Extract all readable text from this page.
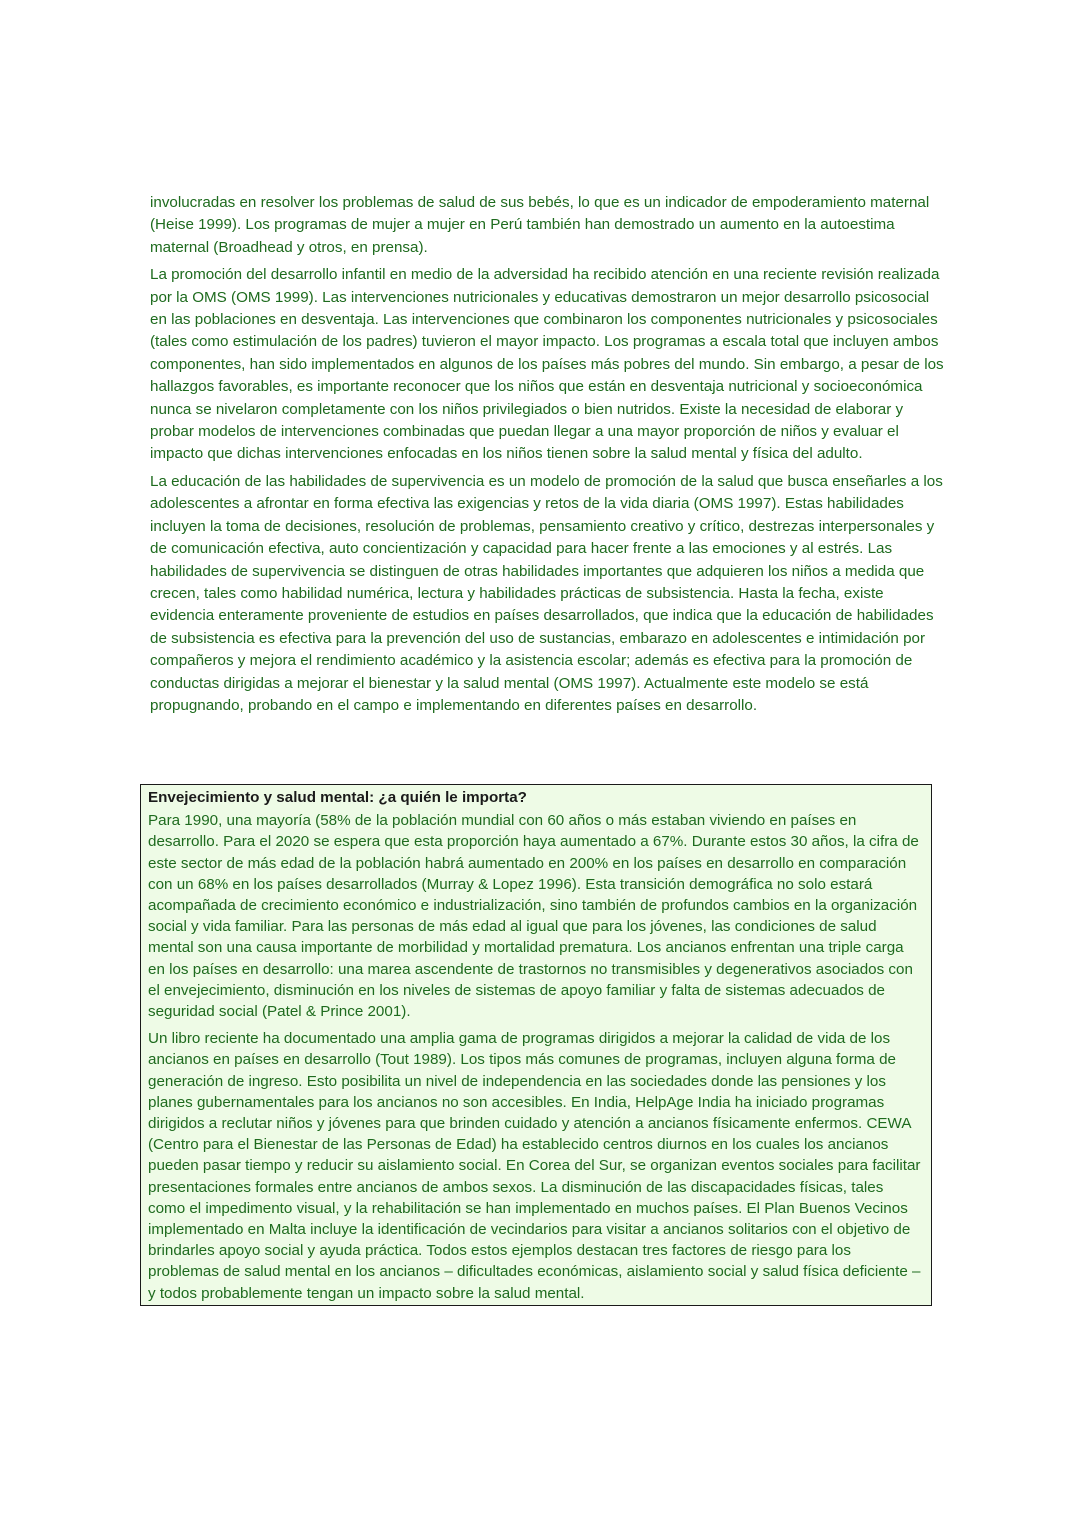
involucradas en resolver los problemas de salud de sus bebés, lo que es un indicador de empoderamiento maternal (Heise 1999). Los programas de mujer a mujer en Perú también han demostrado un aumento en la autoestima maternal (Broadhead y otros, en prensa).

La promoción del desarrollo infantil en medio de la adversidad ha recibido atención en una reciente revisión realizada por la OMS (OMS 1999). Las intervenciones nutricionales y educativas demostraron un mejor desarrollo psicosocial en las poblaciones en desventaja. Las intervenciones que combinaron los componentes nutricionales y psicosociales (tales como estimulación de los padres) tuvieron el mayor impacto. Los programas a escala total que incluyen ambos componentes, han sido implementados en algunos de los países más pobres del mundo. Sin embargo, a pesar de los hallazgos favorables, es importante reconocer que los niños que están en desventaja nutricional y socioeconómica nunca se nivelaron completamente con los niños privilegiados o bien nutridos. Existe la necesidad de elaborar y probar modelos de intervenciones combinadas que puedan llegar a una mayor proporción de niños y evaluar el impacto que dichas intervenciones enfocadas en los niños tienen sobre la salud mental y física del adulto.

La educación de las habilidades de supervivencia es un modelo de promoción de la salud que busca enseñarles a los adolescentes a afrontar en forma efectiva las exigencias y retos de la vida diaria (OMS 1997). Estas habilidades incluyen la toma de decisiones, resolución de problemas, pensamiento creativo y crítico, destrezas interpersonales y de comunicación efectiva, auto concientización y capacidad para hacer frente a las emociones y al estrés. Las habilidades de supervivencia se distinguen de otras habilidades importantes que adquieren los niños a medida que crecen, tales como habilidad numérica, lectura y habilidades prácticas de subsistencia. Hasta la fecha, existe evidencia enteramente proveniente de estudios en países desarrollados, que indica que la educación de habilidades de subsistencia es efectiva para la prevención del uso de sustancias, embarazo en adolescentes e intimidación por compañeros y mejora el rendimiento académico y la asistencia escolar; además es efectiva para la promoción de conductas dirigidas a mejorar el bienestar y la salud mental (OMS 1997). Actualmente este modelo se está propugnando, probando en el campo e implementando en diferentes países en desarrollo.

Envejecimiento y salud mental: ¿a quién le importa?

Para 1990, una mayoría (58% de la población mundial con 60 años o más estaban viviendo en países en desarrollo. Para el 2020 se espera que esta proporción haya aumentado a 67%. Durante estos 30 años, la cifra de este sector de más edad de la población habrá aumentado en 200% en los países en desarrollo en comparación con un 68% en los países desarrollados (Murray & Lopez 1996). Esta transición demográfica no solo estará acompañada de crecimiento económico e industrialización, sino también de profundos cambios en la organización social y vida familiar. Para las personas de más edad al igual que para los jóvenes, las condiciones de salud mental son una causa importante de morbilidad y mortalidad prematura. Los ancianos enfrentan una triple carga en los países en desarrollo: una marea ascendente de trastornos no transmisibles y degenerativos asociados con el envejecimiento, disminución en los niveles de sistemas de apoyo familiar y falta de sistemas adecuados de seguridad social (Patel & Prince 2001).

Un libro reciente ha documentado una amplia gama de programas dirigidos a mejorar la calidad de vida de los ancianos en países en desarrollo (Tout 1989). Los tipos más comunes de programas, incluyen alguna forma de generación de ingreso. Esto posibilita un nivel de independencia en las sociedades donde las pensiones y los planes gubernamentales para los ancianos no son accesibles. En India, HelpAge India ha iniciado programas dirigidos a reclutar niños y jóvenes para que brinden cuidado y atención a ancianos físicamente enfermos. CEWA (Centro para el Bienestar de las Personas de Edad) ha establecido centros diurnos en los cuales los ancianos pueden pasar tiempo y reducir su aislamiento social. En Corea del Sur, se organizan eventos sociales para facilitar presentaciones formales entre ancianos de ambos sexos. La disminución de las discapacidades físicas, tales como el impedimento visual, y la rehabilitación se han implementado en muchos países. El Plan Buenos Vecinos implementado en Malta incluye la identificación de vecindarios para visitar a ancianos solitarios con el objetivo de brindarles apoyo social y ayuda práctica. Todos estos ejemplos destacan tres factores de riesgo para los problemas de salud mental en los ancianos – dificultades económicas, aislamiento social y salud física deficiente – y todos probablemente tengan un impacto sobre la salud mental.
